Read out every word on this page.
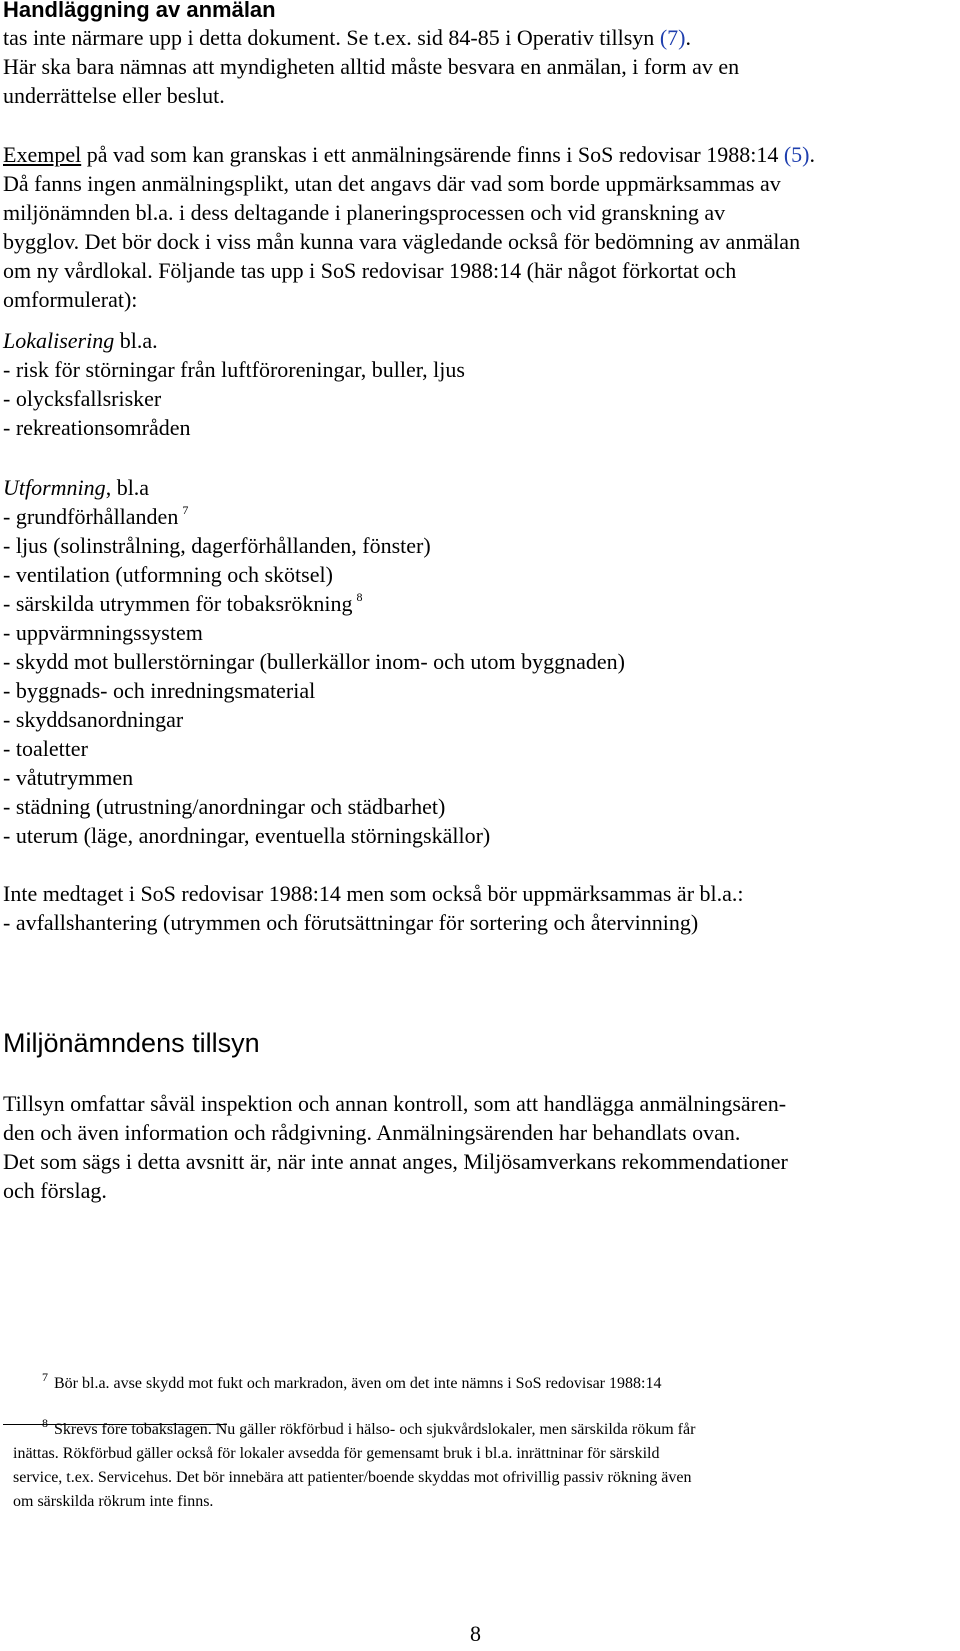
Handläggning av anmälan
tas inte närmare upp i detta dokument. Se t.ex. sid 84-85 i Operativ tillsyn (7).
Här ska bara nämnas att myndigheten alltid måste besvara en anmälan, i form av en
underrättelse eller beslut.
Exempel på vad som kan granskas i ett anmälningsärende finns i SoS redovisar 1988:14 (5).
Då fanns ingen anmälningsplikt, utan det angavs där vad som borde uppmärksammas av
miljönämnden bl.a. i dess deltagande i planeringsprocessen och vid granskning av
bygglov. Det bör dock i viss mån kunna vara vägledande också för bedömning av anmälan
om ny vårdlokal. Följande tas upp i SoS redovisar 1988:14 (här något förkortat och
omformulerat):
Lokalisering bl.a.
- risk för störningar från luftföroreningar, buller, ljus
- olycksfallsrisker
- rekreationsområden
Utformning, bl.a
- grundförhållanden $^7$
- ljus (solinstrålning, dagerförhållanden, fönster)
- ventilation (utformning och skötsel)
- särskilda utrymmen för tobaksrökning $^8$
- uppvärmningssystem
- skydd mot bullerstörningar (bullerkällor inom- och utom byggnaden)
- byggnads- och inredningsmaterial
- skyddsanordningar
- toaletter
- våtutrymmen
- städning (utrustning/anordningar och städbarhet)
- uterum (läge, anordningar, eventuella störningskällor)
Inte medtaget i SoS redovisar 1988:14 men som också bör uppmärksammas är bl.a.:
- avfallshantering (utrymmen och förutsättningar för sortering och återvinning)
Miljönämndens tillsyn
Tillsyn omfattar såväl inspektion och annan kontroll, som att handlägga anmälningsären-
den och även information och rådgivning. Anmälningsärenden har behandlats ovan.
Det som sägs i detta avsnitt är, när inte annat anges, Miljösamverkans rekommendationer
och förslag.
$^7$ Bör bl.a. avse skydd mot fukt och markradon, även om det inte nämns i SoS redovisar 1988:14
$^8$ Skrevs före tobakslagen. Nu gäller rökförbud i hälso- och sjukvårdslokaler, men särskilda rökum får
inättas. Rökförbud gäller också för lokaler avsedda för gemensamt bruk i bl.a. inrättninar för särskild
service, t.ex. Servicehus. Det bör innebära att patienter/boende skyddas mot ofrivillig passiv rökning även
om särskilda rökrum inte finns.
8
